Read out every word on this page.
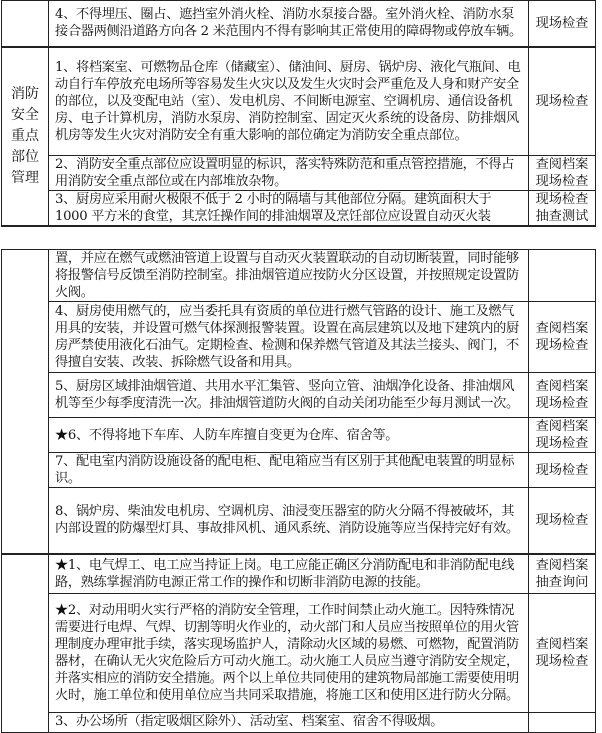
	4、不得埋压、圈占、遮挡室外消火栓、消防水泵接合器。室外消火栓、消防水泵接合器两侧沿道路方向各 2 米范围内不得有影响其正常使用的障碍物或停放车辆。	现场检查
消防安全重点部位管理	1、将档案室、可燃物品仓库（储藏室）、储油间、厨房、锅炉房、液化气瓶间、电动自行车停放充电场所等容易发生火灾以及发生火灾时会严重危及人身和财产安全的部位，以及变配电站（室）、发电机房、不间断电源室、空调机房、通信设备机房、电子计算机房，消防水泵房、消防控制室、固定灭火系统的设备房、防排烟风机房等发生火灾对消防安全有重大影响的部位确定为消防安全重点部位。	现场检查
	2、消防安全重点部位应设置明显的标识，落实特殊防范和重点管控措施，不得占用消防安全重点部位或在内部堆放杂物。	查阅档案 现场检查
	3、厨房应采用耐火极限不低于 2 小时的隔墙与其他部位分隔。建筑面积大于 1000 平方米的食堂，其烹饪操作间的排油烟罩及烹饪部位应设置自动灭火装	现场检查 抽查测试
	置，并应在燃气或燃油管道上设置与自动灭火装置联动的自动切断装置，同时能够将报警信号反馈至消防控制室。排油烟管道应按防火分区设置，并按照规定设置防火阀。	
	4、厨房使用燃气的，应当委托具有资质的单位进行燃气管路的设计、施工及燃气用具的安装，并设置可燃气体探测报警装置。设置在高层建筑以及地下建筑内的厨房严禁使用液化石油气。定期检查、检测和保养燃气管道及其法兰接头、阀门，不得擅自安装、改装、拆除燃气设备和用具。	查阅档案 现场检查
	5、厨房区域排油烟管道、共用水平汇集管、竖向立管、油烟净化设备、排油烟风机等至少每季度清洗一次。排油烟管道防火阀的自动关闭功能至少每月测试一次。	查阅档案 现场检查
	★6、不得将地下车库、人防车库擅自变更为仓库、宿舍等。	查阅档案 现场检查
	7、配电室内消防设施设备的配电柜、配电箱应当有区别于其他配电装置的明显标识。	现场检查
	8、锅炉房、柴油发电机房、空调机房、油浸变压器室的防火分隔不得被破坏，其内部设置的防爆型灯具、事故排风机、通风系统、消防设施等应当保持完好有效。	现场检查
	★1、电气焊工、电工应当持证上岗。电工应能正确区分消防配电和非消防配电线路，熟练掌握消防电源正常工作的操作和切断非消防电源的技能。	查阅档案 抽查询问
	★2、对动用明火实行严格的消防安全管理，工作时间禁止动火施工。因特殊情况需要进行电焊、气焊、切割等明火作业的，动火部门和人员应当按照单位的用火管理制度办理审批手续，落实现场监护人，清除动火区域的易燃、可燃物，配置消防器材，在确认无火灾危险后方可动火施工。动火施工人员应当遵守消防安全规定，并落实相应的消防安全措施。两个以上单位共同使用的建筑物局部施工需要使用明火时，施工单位和使用单位应当共同采取措施，将施工区和使用区进行防火分隔。	查阅档案 现场检查
	3、办公场所（指定吸烟区除外）、活动室、档案室、宿舍不得吸烟。	
